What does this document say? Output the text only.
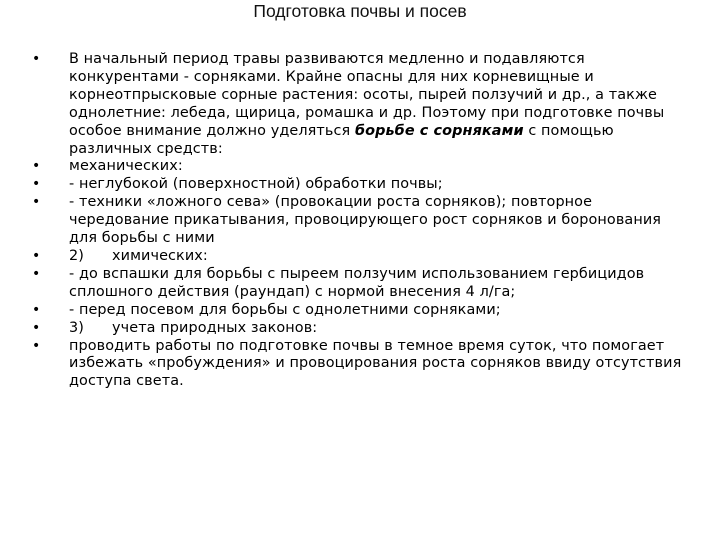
Подготовка почвы и посев
• В начальный период травы развиваются медленно и подавляются конкурентами - сорняками. Крайне опасны для них корневищные и корнеотпрысковые сорные растения: осоты, пырей ползучий и др., а также однолетние: лебеда, щирица, ромашка и др. Поэтому при подготовке почвы особое внимание должно уделяться борьбе с сорняками с помощью различных средств:
• механических:
• - неглубокой (поверхностной) обработки почвы;
• - техники «ложного сева» (провокации роста сорняков); повторное чередование прикатывания, провоцирующего рост сорняков и боронования для борьбы с ними
• 2)      химических:
• - до вспашки для борьбы с пыреем ползучим использованием гербицидов сплошного действия (раундап) с нормой внесения 4 л/га;
• - перед посевом для борьбы с однолетними сорняками;
• 3)      учета природных законов:
• проводить работы по подготовке почвы в темное время суток, что помогает избежать «пробуждения» и провоцирования роста сорняков ввиду отсутствия доступа света.
